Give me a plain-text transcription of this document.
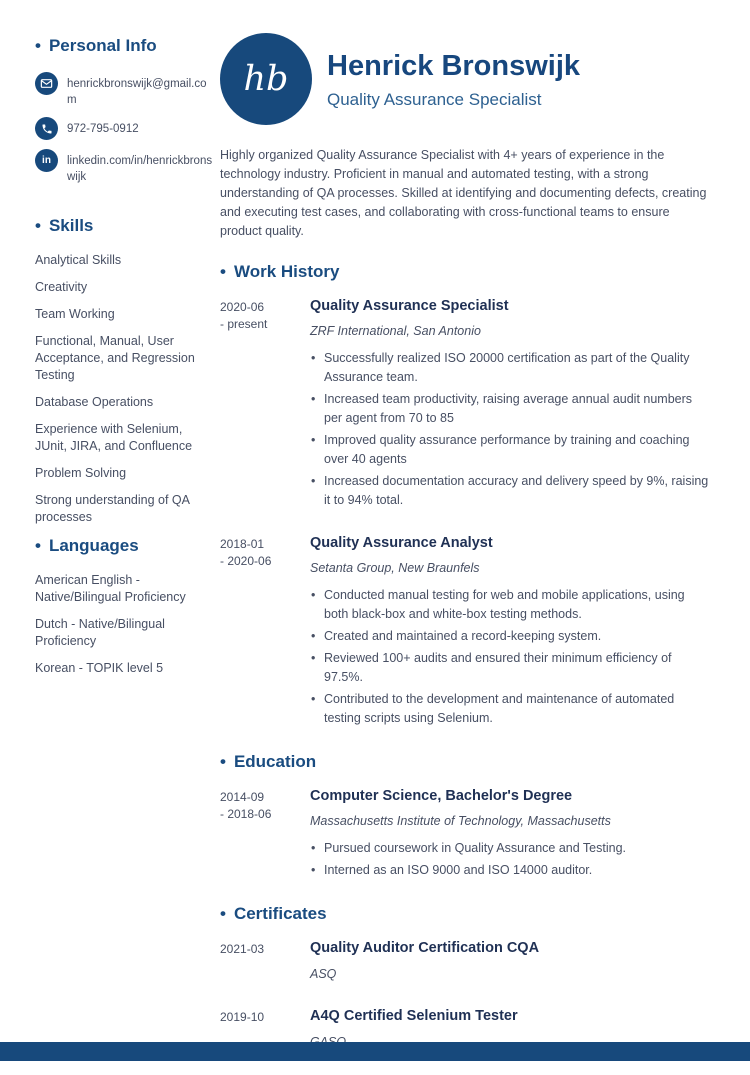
• Personal Info
henrickbronswijk@gmail.com
972-795-0912
in linkedin.com/in/henrickbronswijk
• Skills
Analytical Skills
Creativity
Team Working
Functional, Manual, User Acceptance, and Regression Testing
Database Operations
Experience with Selenium, JUnit, JIRA, and Confluence
Problem Solving
Strong understanding of QA processes
• Languages
American English - Native/Bilingual Proficiency
Dutch - Native/Bilingual Proficiency
Korean - TOPIK level 5
hb	Henrick Bronswijk
Quality Assurance Specialist

Highly organized Quality Assurance Specialist with 4+ years of experience in the technology industry. Proficient in manual and automated testing, with a strong understanding of QA processes. Skilled at identifying and documenting defects, creating and executing test cases, and collaborating with cross-functional teams to ensure product quality.

• Work History
2020-06
- present
Quality Assurance Specialist
ZRF International, San Antonio
• Successfully realized ISO 20000 certification as part of the Quality Assurance team.
• Increased team productivity, raising average annual audit numbers per agent from 70 to 85
• Improved quality assurance performance by training and coaching over 40 agents
• Increased documentation accuracy and delivery speed by 9%, raising it to 94% total.
2018-01
- 2020-06
Quality Assurance Analyst
Setanta Group, New Braunfels
• Conducted manual testing for web and mobile applications, using both black-box and white-box testing methods.
• Created and maintained a record-keeping system.
• Reviewed 100+ audits and ensured their minimum efficiency of 97.5%.
• Contributed to the development and maintenance of automated testing scripts using Selenium.
• Education
2014-09
- 2018-06
Computer Science, Bachelor's Degree
Massachusetts Institute of Technology, Massachusetts
• Pursued coursework in Quality Assurance and Testing.
• Interned as an ISO 9000 and ISO 14000 auditor.
• Certificates
2021-03	Quality Auditor Certification CQA
ASQ
2019-10	A4Q Certified Selenium Tester
